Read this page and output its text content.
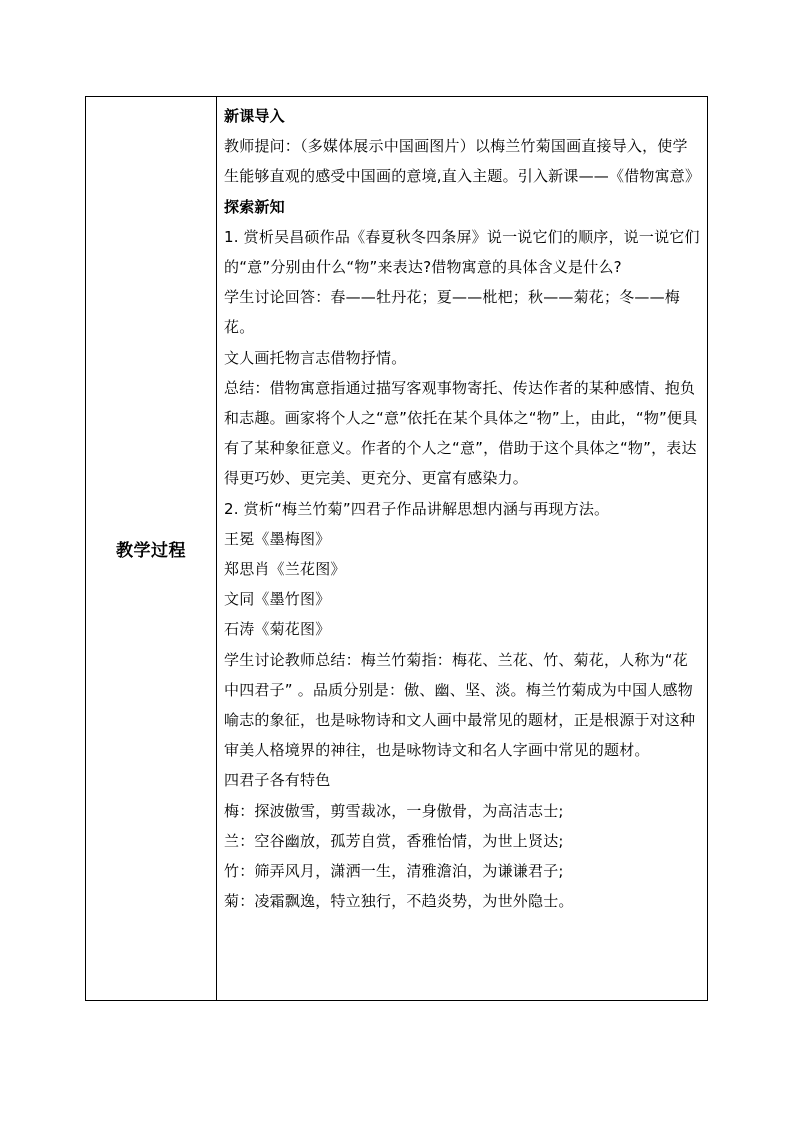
教学过程

新课导入

教师提问：（多媒体展示中国画图片）以梅兰竹菊国画直接导入，使学生能够直观的感受中国画的意境,直入主题。引入新课——《借物寓意》

探索新知

1. 赏析吴昌硕作品《春夏秋冬四条屏》说一说它们的顺序，说一说它们的“意”分别由什么“物”来表达?借物寓意的具体含义是什么?

学生讨论回答：春——牡丹花；夏——枇杷；秋——菊花；冬——梅花。

文人画托物言志借物抒情。

总结：借物寓意指通过描写客观事物寄托、传达作者的某种感情、抱负和志趣。画家将个人之“意”依托在某个具体之“物”上，由此，“物”便具有了某种象征意义。作者的个人之“意”，借助于这个具体之“物”，表达得更巧妙、更完美、更充分、更富有感染力。

2. 赏析“梅兰竹菊”四君子作品讲解思想内涵与再现方法。

王冕《墨梅图》

郑思肖《兰花图》

文同《墨竹图》

石涛《菊花图》

学生讨论教师总结：梅兰竹菊指：梅花、兰花、竹、菊花，人称为“花中四君子” 。品质分别是：傲、幽、坚、淡。梅兰竹菊成为中国人感物喻志的象征，也是咏物诗和文人画中最常见的题材，正是根源于对这种审美人格境界的神往，也是咏物诗文和名人字画中常见的题材。

四君子各有特色

梅：探波傲雪，剪雪裁冰，一身傲骨，为高洁志士;

兰：空谷幽放，孤芳自赏，香雅怡情，为世上贤达;

竹：筛弄风月，潇洒一生，清雅澹泊，为谦谦君子;

菊：凌霜飘逸，特立独行，不趋炎势，为世外隐士。
